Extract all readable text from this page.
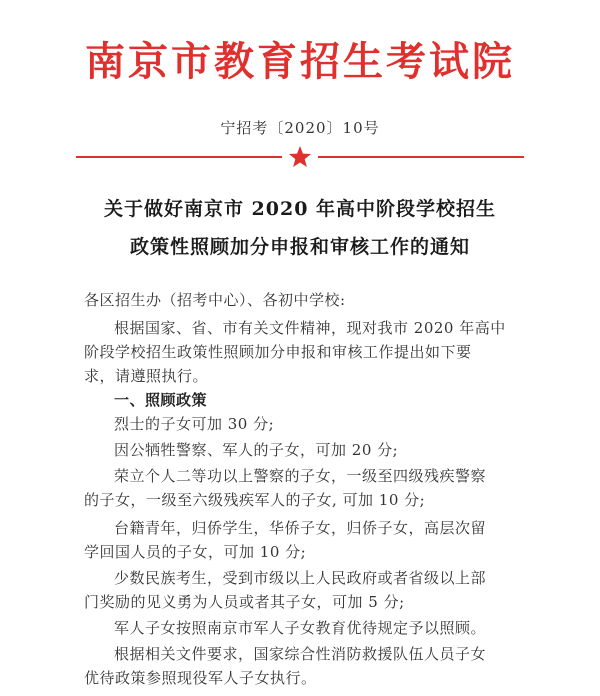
南京市教育招生考试院
宁招考〔2020〕10号
关于做好南京市 2020 年高中阶段学校招生
政策性照顾加分申报和审核工作的通知
各区招生办（招考中心）、各初中学校:
根据国家、省、市有关文件精神，现对我市 2020 年高中
阶段学校招生政策性照顾加分申报和审核工作提出如下要
求，请遵照执行。
一、照顾政策
烈士的子女可加 30 分;
因公牺牲警察、军人的子女，可加 20 分;
荣立个人二等功以上警察的子女，一级至四级残疾警察
的子女，一级至六级残疾军人的子女, 可加 10 分;
台籍青年，归侨学生，华侨子女，归侨子女，高层次留
学回国人员的子女，可加 10 分;
少数民族考生，受到市级以上人民政府或者省级以上部
门奖励的见义勇为人员或者其子女，可加 5 分;
军人子女按照南京市军人子女教育优待规定予以照顾。
根据相关文件要求，国家综合性消防救援队伍人员子女
优待政策参照现役军人子女执行。
